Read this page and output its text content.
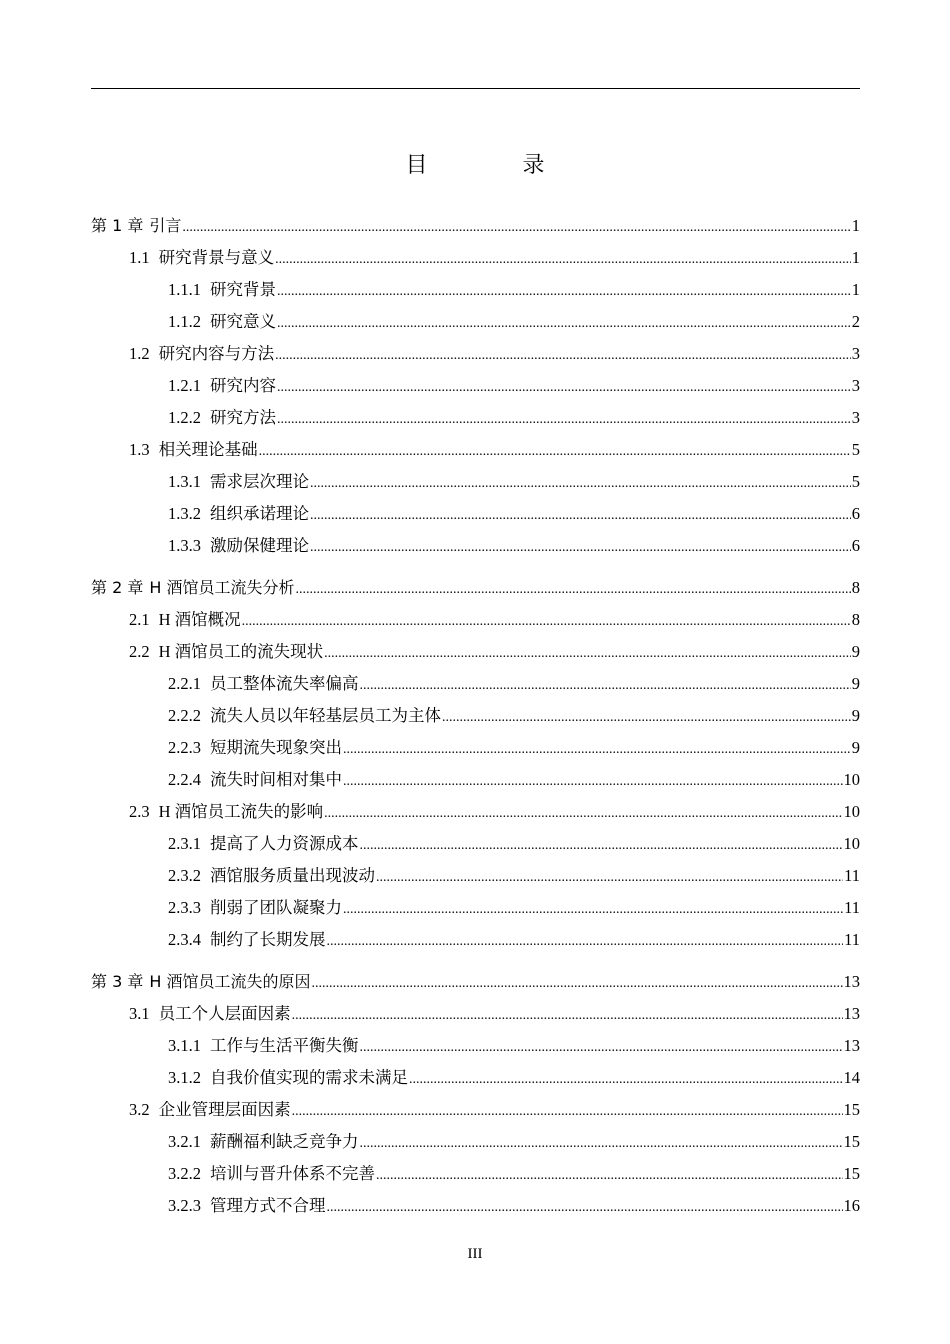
目 录
第 1 章 引言 .....	1
1.1 研究背景与意义 .....	1
1.1.1 研究背景 .....	1
1.1.2 研究意义 .....	2
1.2 研究内容与方法 .....	3
1.2.1 研究内容 .....	3
1.2.2 研究方法 .....	3
1.3 相关理论基础 .....	5
1.3.1 需求层次理论 .....	5
1.3.2 组织承诺理论 .....	6
1.3.3 激励保健理论 .....	6
第 2 章 H 酒馆员工流失分析 .....	8
2.1 H 酒馆概况 .....	8
2.2 H 酒馆员工的流失现状 .....	9
2.2.1 员工整体流失率偏高 .....	9
2.2.2 流失人员以年轻基层员工为主体 .....	9
2.2.3 短期流失现象突出 .....	9
2.2.4 流失时间相对集中 .....	10
2.3 H 酒馆员工流失的影响 .....	10
2.3.1 提高了人力资源成本 .....	10
2.3.2 酒馆服务质量出现波动 .....	11
2.3.3 削弱了团队凝聚力 .....	11
2.3.4 制约了长期发展 .....	11
第 3 章 H 酒馆员工流失的原因 .....	13
3.1 员工个人层面因素 .....	13
3.1.1 工作与生活平衡失衡 .....	13
3.1.2 自我价值实现的需求未满足 .....	14
3.2 企业管理层面因素 .....	15
3.2.1 薪酬福利缺乏竞争力 .....	15
3.2.2 培训与晋升体系不完善 .....	15
3.2.3 管理方式不合理 .....	16
III
